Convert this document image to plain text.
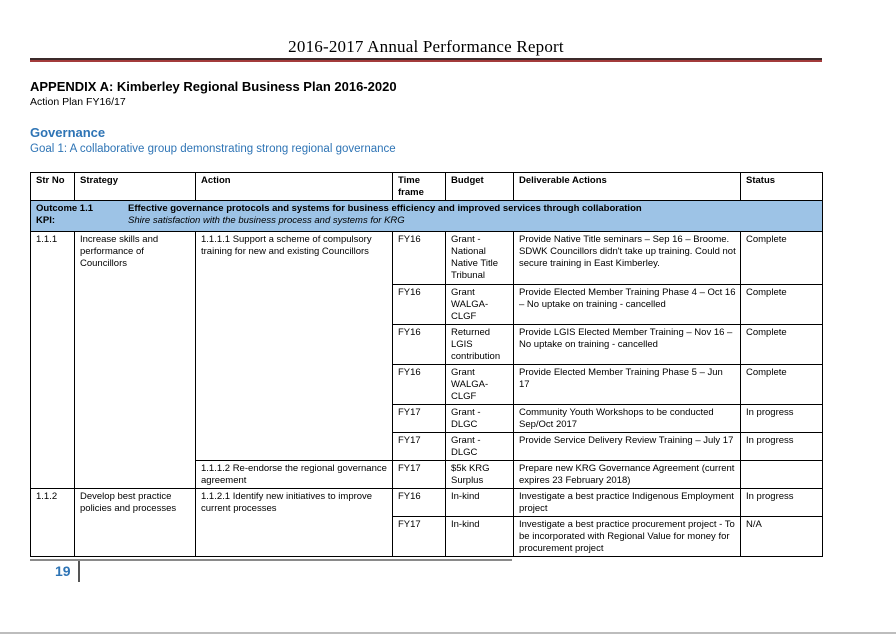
2016-2017 Annual Performance Report
APPENDIX A: Kimberley Regional Business Plan 2016-2020
Action Plan FY16/17
Governance
Goal 1: A collaborative group demonstrating strong regional governance
Str No	Strategy	Action	Time frame	Budget	Deliverable Actions	Status

Outcome 1.1 Effective governance protocols and systems for business efficiency and improved services through collaboration
KPI: Shire satisfaction with the business process and systems for KRG						

1.1.1	Increase skills and performance of Councillors	1.1.1.1 Support a scheme of compulsory training for new and existing Councillors	FY16	Grant - National Native Title Tribunal	Provide Native Title seminars – Sep 16 – Broome. SDWK Councillors didn't take up training. Could not secure training in East Kimberley.	Complete
			FY16	Grant WALGA-CLGF	Provide Elected Member Training Phase 4 – Oct 16 – No uptake on training - cancelled	Complete
			FY16	Returned LGIS contribution	Provide LGIS Elected Member Training – Nov 16 – No uptake on training - cancelled	Complete
			FY16	Grant WALGA-CLGF	Provide Elected Member Training Phase 5 – Jun 17	Complete
			FY17	Grant - DLGC	Community Youth Workshops to be conducted Sep/Oct 2017	In progress
			FY17	Grant - DLGC	Provide Service Delivery Review Training – July 17	In progress
		1.1.1.2 Re-endorse the regional governance agreement	FY17	$5k KRG Surplus	Prepare new KRG Governance Agreement (current expires 23 February 2018)	
1.1.2	Develop best practice policies and processes	1.1.2.1 Identify new initiatives to improve current processes	FY16	In-kind	Investigate a best practice Indigenous Employment project	In progress
			FY17	In-kind	Investigate a best practice procurement project - To be incorporated with Regional Value for money for procurement project	N/A
19
